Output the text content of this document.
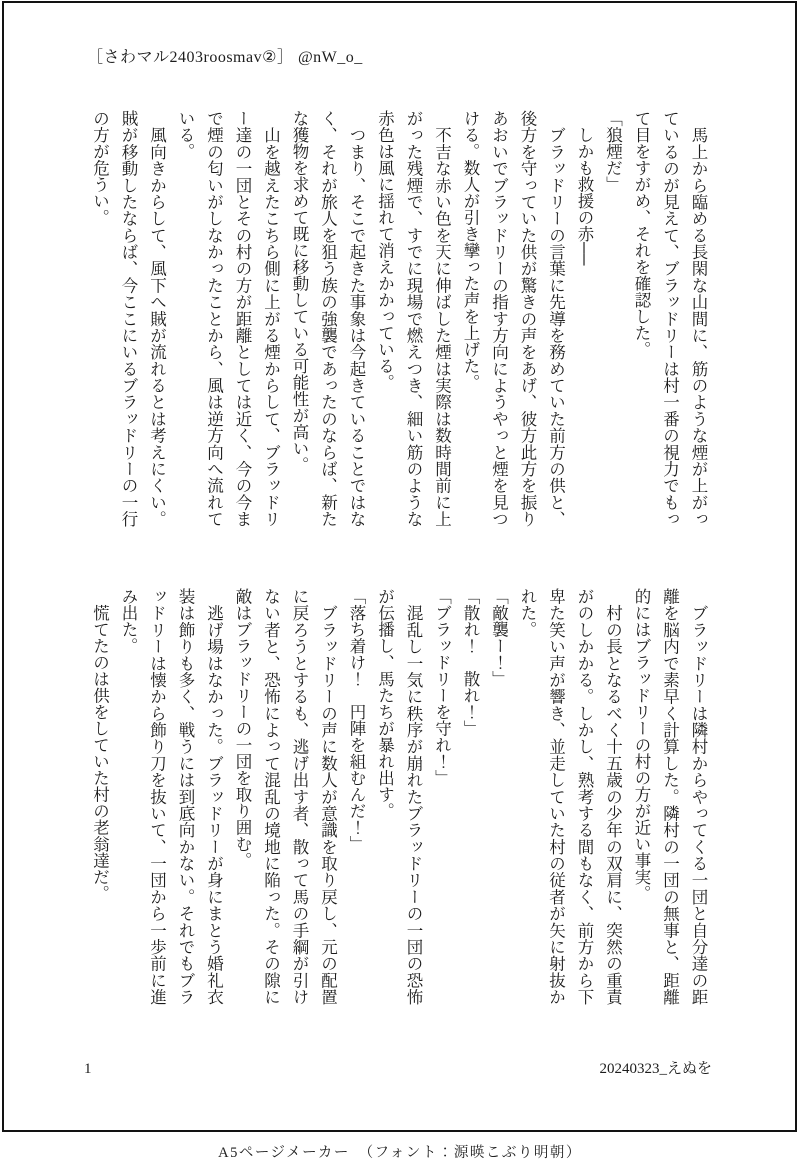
［さわマル2403roosmav②］ @nW_o_

　馬上から臨める長閑な山間に、筋のような煙が上がっているのが見えて、ブラッドリーは村一番の視力でもって目をすがめ、それを確認した。

「狼煙だ」

　しかも救援の赤──

　ブラッドリーの言葉に先導を務めていた前方の供と、後方を守っていた供が驚きの声をあげ、彼方此方を振りあおいでブラッドリーの指す方向にようやっと煙を見つける。数人が引き攣った声を上げた。

　不吉な赤い色を天に伸ばした煙は実際は数時間前に上がった残煙で、すでに現場で燃えつき、細い筋のような赤色は風に揺れて消えかかっている。

　つまり、そこで起きた事象は今起きていることではなく、それが旅人を狙う族の強襲であったのならば、新たな獲物を求めて既に移動している可能性が高い。

　山を越えたこちら側に上がる煙からして、ブラッドリー達の一団とその村の方が距離としては近く、今の今まで煙の匂いがしなかったことから、風は逆方向へ流れている。

　風向きからして、風下へ賊が流れるとは考えにくい。賊が移動したならば、今ここにいるブラッドリーの一行の方が危うい。

　ブラッドリーは隣村からやってくる一団と自分達の距離を脳内で素早く計算した。隣村の一団の無事と、距離的にはブラッドリーの村の方が近い事実。

　村の長となるべく十五歳の少年の双肩に、突然の重責がのしかかる。しかし、熟考する間もなく、前方から下卑た笑い声が響き、並走していた村の従者が矢に射抜かれた。

「敵襲ー！」

「散れ！　散れ！」

「ブラッドリーを守れ！」

　混乱し一気に秩序が崩れたブラッドリーの一団の恐怖が伝播し、馬たちが暴れ出す。

「落ち着け！　円陣を組むんだ！」

　ブラッドリーの声に数人が意識を取り戻し、元の配置に戻ろうとするも、逃げ出す者、散って馬の手綱が引けない者と、恐怖によって混乱の境地に陥った。その隙に敵はブラッドリーの一団を取り囲む。

　逃げ場はなかった。ブラッドリーが身にまとう婚礼衣装は飾りも多く、戦うには到底向かない。それでもブラッドリーは懐から飾り刀を抜いて、一団から一歩前に進み出た。

　慌てたのは供をしていた村の老翁達だ。

1	20240323_えぬを
A5ページメーカー　（フォント：源暎こぶり明朝）
